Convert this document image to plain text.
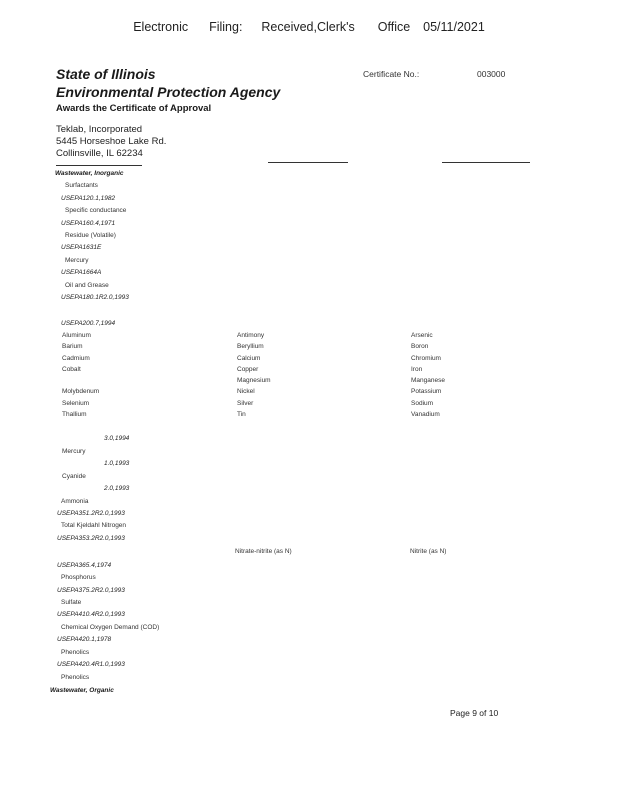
Electronic Filing: Received,Clerk's Office 05/11/2021
State of Illinois
Environmental Protection Agency
Awards the Certificate of Approval
Certificate No.:	003000
Teklab, Incorporated
5445 Horseshoe Lake Rd.
Collinsville, IL 62234
Wastewater, Inorganic
Surfactants
USEPA120.1,1982
Specific conductance
USEPA160.4,1971
Residue (Volatile)
USEPA1631E
Mercury
USEPA1664A
Oil and Grease
USEPA180.1R2.0,1993
USEPA200.7,1994
Aluminum
Barium
Cadmium
Cobalt
Molybdenum
Selenium
Thallium
Antimony
Beryllium
Calcium
Copper
Magnesium
Nickel
Silver
Tin
Arsenic
Boron
Chromium
Iron
Manganese
Potassium
Sodium
Vanadium
3.0,1994
Mercury
1.0,1993
Cyanide
2.0,1993
Ammonia
USEPA351.2R2.0,1993
Total Kjeldahl Nitrogen
USEPA353.2R2.0,1993
Nitrate-nitrite (as N)	Nitrite (as N)
USEPA365.4,1974
Phosphorus
USEPA375.2R2.0,1993
Sulfate
USEPA410.4R2.0,1993
Chemical Oxygen Demand (COD)
USEPA420.1,1978
Phenolics
USEPA420.4R1.0,1993
Phenolics
Wastewater, Organic
Page 9 of 10
